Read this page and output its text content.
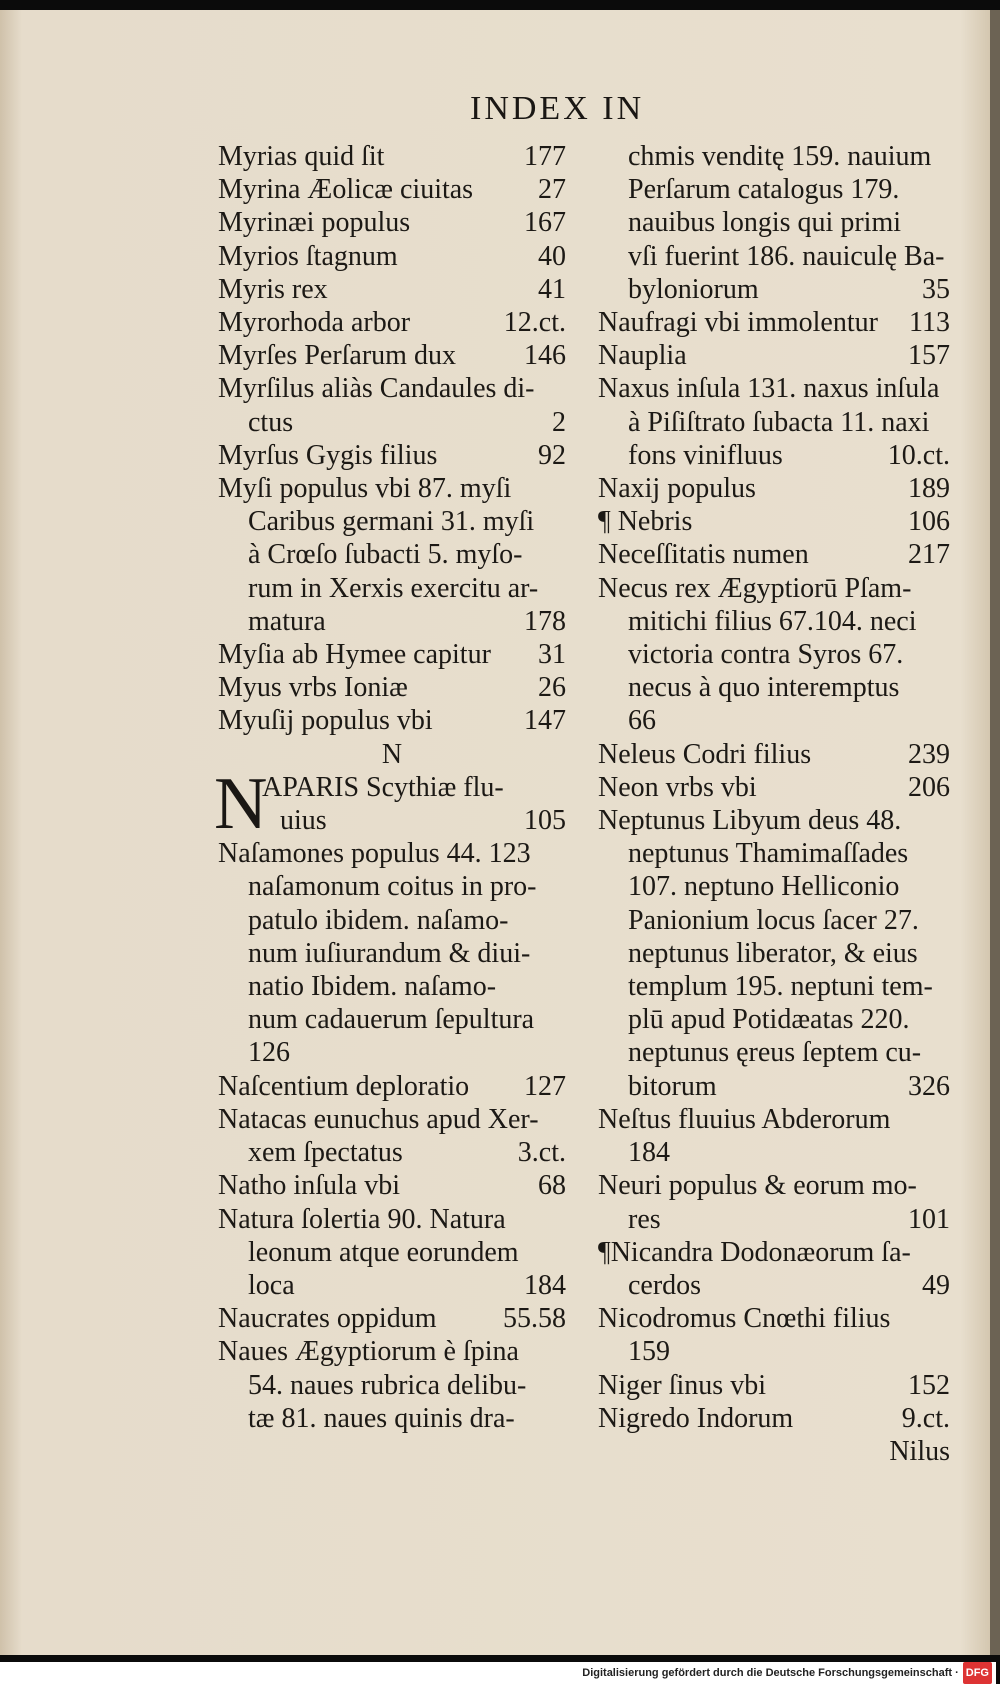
INDEX IN
Myrias quid ſit	177
Myrina Æolicæ ciuitas 27
Myrinæi populus	167
Myrios ſtagnum	40
Myris rex	41
Myrorhoda arbor	12.ct.
Myrſes Perſarum dux 146
Myrſilus aliàs Candaules di-
ctus	2
Myrſus Gygis filius	92
Myſi populus vbi 87. myſi
Caribus germani 31. myſi
à Crœſo ſubacti 5. myſo-
rum in Xerxis exercitu ar-
matura	178
Myſia ab Hymee capitur 31
Myus vrbs Ioniæ	26
Myuſij populus vbi	147
N
N
APARIS Scythiæ flu-
uius	105
Naſamones populus 44. 123
naſamonum coitus in pro-
patulo ibidem. naſamo-
num iuſiurandum & diui-
natio Ibidem. naſamo-
num cadauerum ſepultura
126
Naſcentium deploratio 127
Natacas eunuchus apud Xer-
xem ſpectatus	3.ct.
Natho inſula vbi	68
Natura ſolertia 90. Natura
leonum atque eorundem
loca	184
Naucrates oppidum 55.58
Naues Ægyptiorum è ſpina
54. naues rubrica delibu-
tæ 81. naues quinis dra-
chmis venditę 159. nauium
Perſarum catalogus 179.
nauibus longis qui primi
vſi fuerint 186. nauiculę Ba-
byloniorum	35
Naufragi vbi immolentur 113
Nauplia	157
Naxus inſula 131. naxus inſula
à Piſiſtrato ſubacta 11. naxi
fons vinifluus	10.ct.
Naxij populus	189
¶ Nebris	106
Neceſſitatis numen	217
Necus rex Ægyptiorū Pſam-
mitichi filius 67.104. neci
victoria contra Syros 67.
necus à quo interemptus
66
Neleus Codri filius	239
Neon vrbs vbi	206
Neptunus Libyum deus 48.
neptunus Thamimaſſades
107. neptuno Helliconio
Panionium locus ſacer 27.
neptunus liberator, & eius
templum 195. neptuni tem-
plū apud Potidæatas 220.
neptunus ęreus ſeptem cu-
bitorum	326
Neſtus fluuius Abderorum
184
Neuri populus & eorum mo-
res	101
¶Nicandra Dodonæorum ſa-
cerdos	49
Nicodromus Cnœthi filius
159
Niger ſinus vbi	152
Nigredo Indorum	9.ct.
Nilus
Digitalisierung gefördert durch die Deutsche Forschungsgemeinschaft · DFG
